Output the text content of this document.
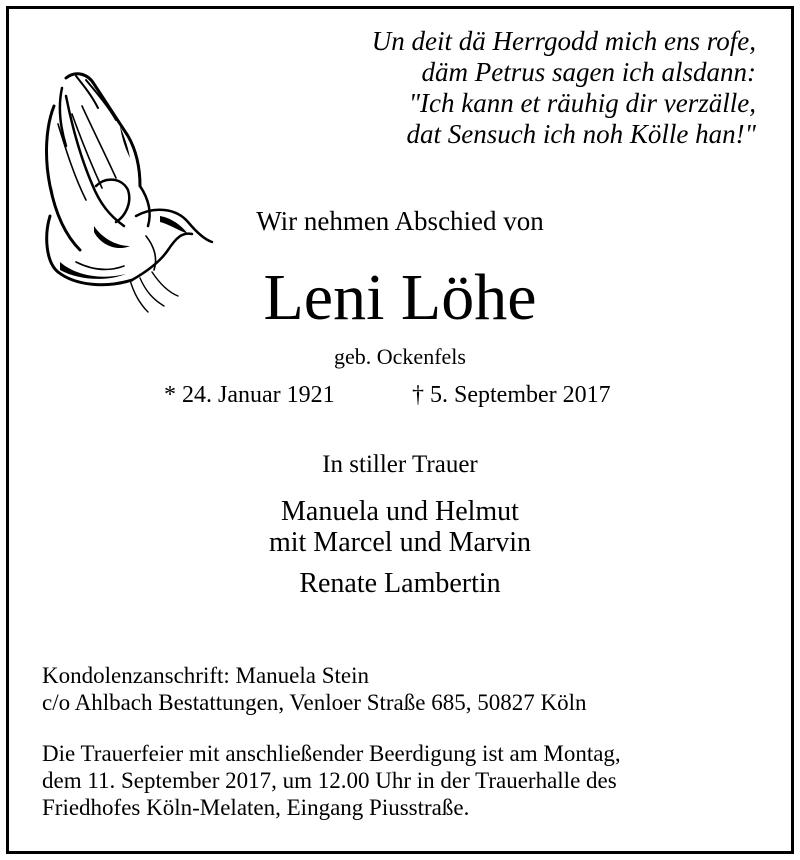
Un deit dä Herrgodd mich ens rofe,
däm Petrus sagen ich alsdann:
"Ich kann et räuhig dir verzälle,
dat Sensuch ich noh Kölle han!"
Wir nehmen Abschied von
Leni Löhe
geb. Ockenfels
* 24. Januar 1921	† 5. September 2017
In stiller Trauer
Manuela und Helmut
mit Marcel und Marvin
Renate Lambertin
Kondolenzanschrift: Manuela Stein
c/o Ahlbach Bestattungen, Venloer Straße 685, 50827 Köln
Die Trauerfeier mit anschließender Beerdigung ist am Montag,
dem 11. September 2017, um 12.00 Uhr in der Trauerhalle des
Friedhofes Köln-Melaten, Eingang Piusstraße.
